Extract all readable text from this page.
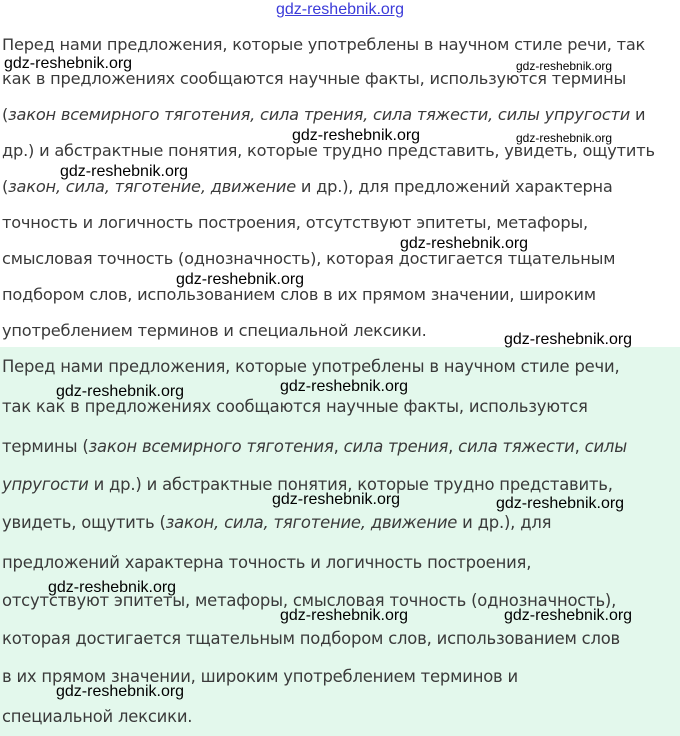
gdz-reshebnik.org
Перед нами предложения, которые употреблены в научном стиле речи, так
как в предложениях сообщаются научные факты, используются термины
(закон всемирного тяготения, сила трения, сила тяжести, силы упругости и
др.) и абстрактные понятия, которые трудно представить, увидеть, ощутить
(закон, сила, тяготение, движение и др.), для предложений характерна
точность и логичность построения, отсутствуют эпитеты, метафоры,
смысловая точность (однозначность), которая достигается тщательным
подбором слов, использованием слов в их прямом значении, широким
употреблением терминов и специальной лексики.
Перед нами предложения, которые употреблены в научном стиле речи,
так как в предложениях сообщаются научные факты, используются
термины (закон всемирного тяготения, сила трения, сила тяжести, силы
упругости и др.) и абстрактные понятия, которые трудно представить,
увидеть, ощутить (закон, сила, тяготение, движение и др.), для
предложений характерна точность и логичность построения,
отсутствуют эпитеты, метафоры, смысловая точность (однозначность),
которая достигается тщательным подбором слов, использованием слов
в их прямом значении, широким употреблением терминов и
специальной лексики.
gdz-reshebnik.org	gdz-reshebnik.org
gdz-reshebnik.org	gdz-reshebnik.org
gdz-reshebnik.org
gdz-reshebnik.org
gdz-reshebnik.org
gdz-reshebnik.org
gdz-reshebnik.org	gdz-reshebnik.org
gdz-reshebnik.org	gdz-reshebnik.org
gdz-reshebnik.org
gdz-reshebnik.org	gdz-reshebnik.org
gdz-reshebnik.org
